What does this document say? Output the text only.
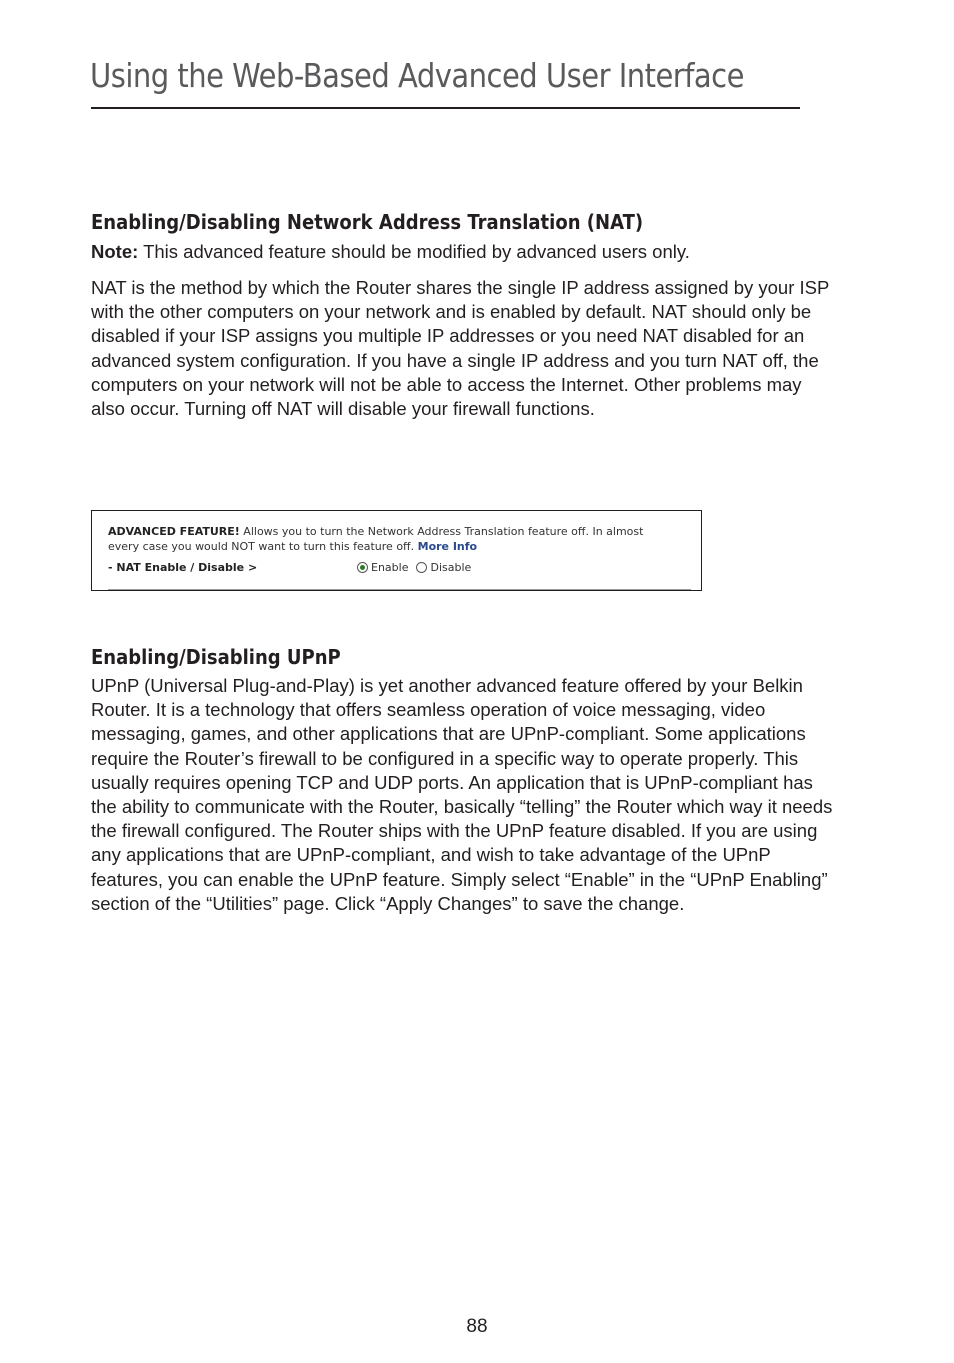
Using the Web-Based Advanced User Interface
Enabling/Disabling Network Address Translation (NAT)

Note: This advanced feature should be modified by advanced users only.

NAT is the method by which the Router shares the single IP address assigned by your ISP with the other computers on your network and is enabled by default. NAT should only be disabled if your ISP assigns you multiple IP addresses or you need NAT disabled for an advanced system configuration. If you have a single IP address and you turn NAT off, the computers on your network will not be able to access the Internet. Other problems may also occur. Turning off NAT will disable your firewall functions.

ADVANCED FEATURE! Allows you to turn the Network Address Translation feature off. In almost
every case you would NOT want to turn this feature off. More Info
- NAT Enable / Disable >	Enable Disable
Enabling/Disabling UPnP

UPnP (Universal Plug-and-Play) is yet another advanced feature offered by your Belkin Router. It is a technology that offers seamless operation of voice messaging, video messaging, games, and other applications that are UPnP-compliant. Some applications require the Router’s firewall to be configured in a specific way to operate properly. This usually requires opening TCP and UDP ports. An application that is UPnP-compliant has the ability to communicate with the Router, basically “telling” the Router which way it needs the firewall configured. The Router ships with the UPnP feature disabled. If you are using any applications that are UPnP-compliant, and wish to take advantage of the UPnP features, you can enable the UPnP feature. Simply select “Enable” in the “UPnP Enabling” section of the “Utilities” page. Click “Apply Changes” to save the change.

88
